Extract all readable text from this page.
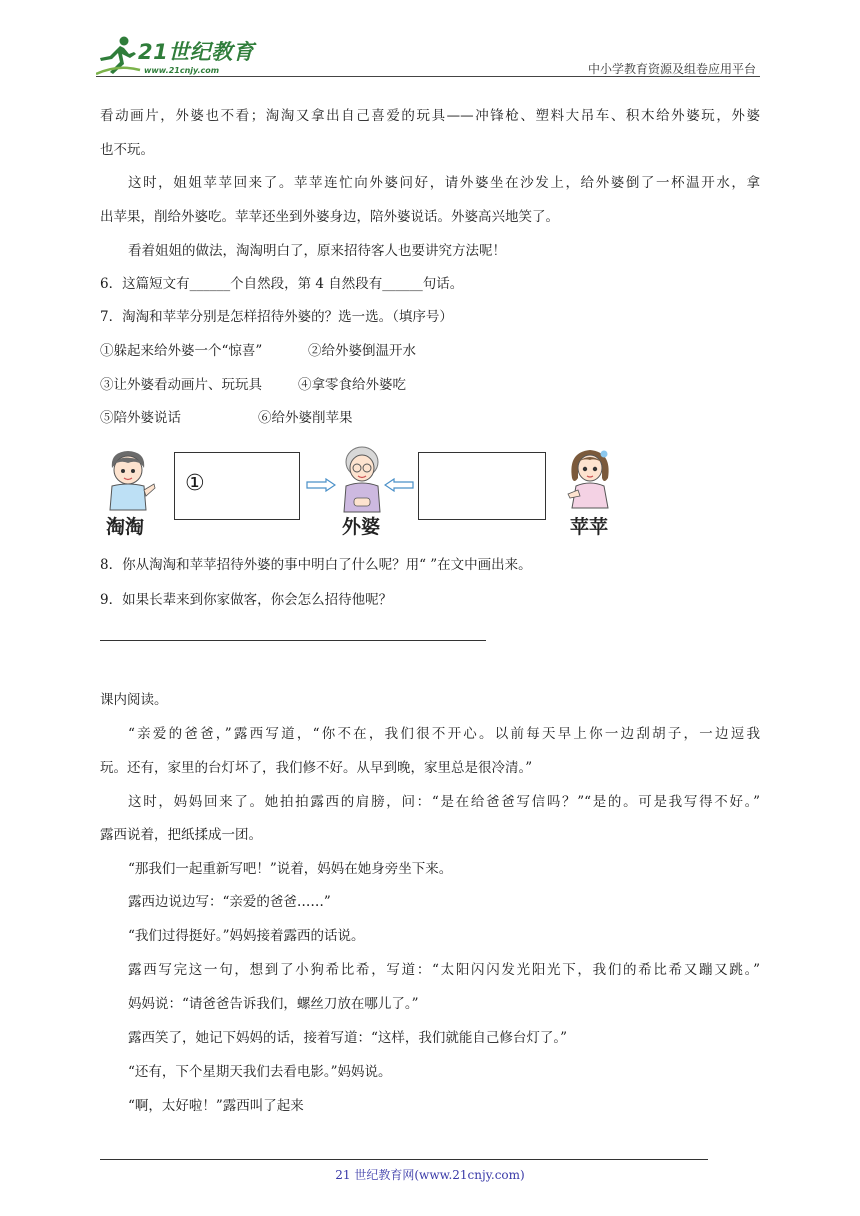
21世纪教育
www.21cnjy.com	中小学教育资源及组卷应用平台
看动画片，外婆也不看；淘淘又拿出自己喜爱的玩具——冲锋枪、塑料大吊车、积木给外婆玩，外婆
也不玩。
这时，姐姐苹苹回来了。苹苹连忙向外婆问好，请外婆坐在沙发上，给外婆倒了一杯温开水，拿
出苹果，削给外婆吃。苹苹还坐到外婆身边，陪外婆说话。外婆高兴地笑了。
看着姐姐的做法，淘淘明白了，原来招待客人也要讲究方法呢！
6．这篇短文有______个自然段，第 4 自然段有______句话。
7．淘淘和苹苹分别是怎样招待外婆的？选一选。（填序号）
①躲起来给外婆一个“惊喜”	②给外婆倒温开水
③让外婆看动画片、玩玩具	④拿零食给外婆吃
⑤陪外婆说话	⑥给外婆削苹果
淘淘
①
外婆	苹苹
8．你从淘淘和苹苹招待外婆的事中明白了什么呢？用“ ”在文中画出来。
9．如果长辈来到你家做客，你会怎么招待他呢？
课内阅读。
“亲爱的爸爸，”露西写道，“你不在，我们很不开心。以前每天早上你一边刮胡子，一边逗我
玩。还有，家里的台灯坏了，我们修不好。从早到晚，家里总是很冷清。”
这时，妈妈回来了。她拍拍露西的肩膀，问：“是在给爸爸写信吗？”“是的。可是我写得不好。”
露西说着，把纸揉成一团。
“那我们一起重新写吧！”说着，妈妈在她身旁坐下来。
露西边说边写：“亲爱的爸爸……”
“我们过得挺好。”妈妈接着露西的话说。
露西写完这一句，想到了小狗希比希，写道：“太阳闪闪发光阳光下，我们的希比希又蹦又跳。”
妈妈说：“请爸爸告诉我们，螺丝刀放在哪儿了。”
露西笑了，她记下妈妈的话，接着写道：“这样，我们就能自己修台灯了。”
“还有，下个星期天我们去看电影。”妈妈说。
“啊，太好啦！”露西叫了起来
21 世纪教育网(www.21cnjy.com)
